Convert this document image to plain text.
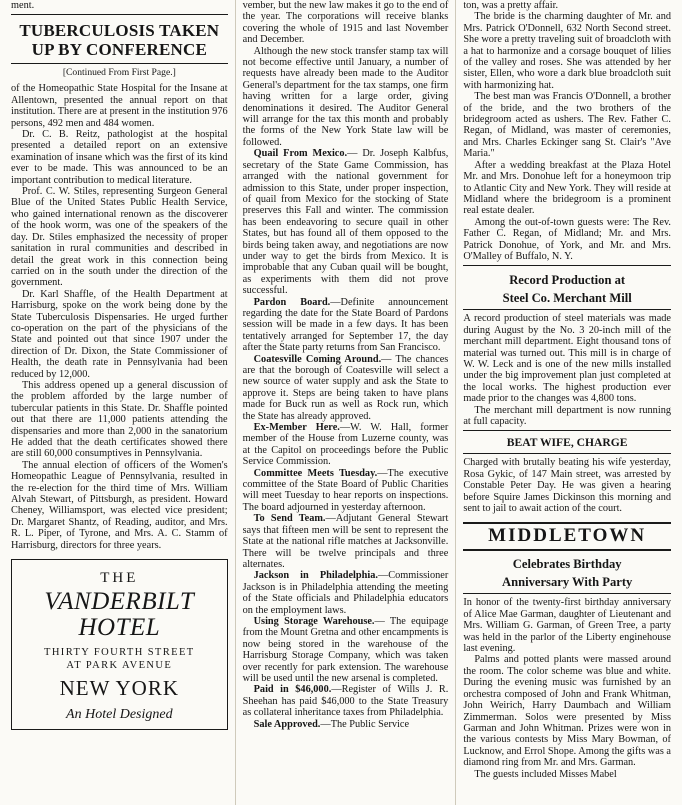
ment.
TUBERCULOSIS TAKEN UP BY CONFERENCE
[Continued From First Page.]

of the Homeopathic State Hospital for the Insane at Allentown, presented the annual report on that institution. There are at present in the institution 976 persons, 492 men and 484 women.

Dr. C. B. Reitz, pathologist at the hospital presented a detailed report on an extensive examination of insane which was the first of its kind ever to be made. This was announced to be an important contribution to medical literature.

Prof. C. W. Stiles, representing Surgeon General Blue of the United States Public Health Service, who gained international renown as the discoverer of the hook worm, was one of the speakers of the day. Dr. Stiles emphasized the necessity of proper sanitation in rural communities and described in detail the great work in this connection being carried on in the south under the direction of the government.

Dr. Karl Shaffle, of the Health Department at Harrisburg, spoke on the work being done by the State Tuberculosis Dispensaries. He urged further co-operation on the part of the physicians of the State and pointed out that since 1907 under the direction of Dr. Dixon, the State Commissioner of Health, the death rate in Pennsylvania had been reduced by 12,000.

This address opened up a general discussion of the problem afforded by the large number of tubercular patients in this State. Dr. Shaffle pointed out that there are 11,000 patients attending the dispensaries and more than 2,000 in the sanatorium He added that the death certificates showed there are still 60,000 consumptives in Pennsylvania.

The annual election of officers of the Women's Homeopathic League of Pennsylvania, resulted in the re-election for the third time of Mrs. William Alvah Stewart, of Pittsburgh, as president. Howard Cheney, Williamsport, was elected vice president; Dr. Margaret Shantz, of Reading, auditor, and Mrs. R. L. Piper, of Tyrone, and Mrs. A. C. Stamm of Harrisburg, directors for three years.

THE
VANDERBILT
HOTEL
THIRTY FOURTH STREET
AT PARK AVENUE
NEW YORK
An Hotel Designed

vember, but the new law makes it go to the end of the year. The corporations will receive blanks covering the whole of 1915 and last November and December.

Although the new stock transfer stamp tax will not become effective until January, a number of requests have already been made to the Auditor General's department for the tax stamps, one firm having written for a large order, giving denominations it desired. The Auditor General will arrange for the tax this month and probably the forms of the New York State law will be followed.

Quail From Mexico.— Dr. Joseph Kalbfus, secretary of the State Game Commission, has arranged with the national government for admission to this State, under proper inspection, of quail from Mexico for the stocking of State preserves this Fall and winter. The commission has been endeavoring to secure quail in other States, but has found all of them opposed to the birds being taken away, and negotiations are now under way to get the birds from Mexico. It is improbable that any Cuban quail will be bought, as experiments with them did not prove successful.

Pardon Board.—Definite announcement regarding the date for the State Board of Pardons session will be made in a few days. It has been tentatively arranged for September 17, the day after the State party returns from San Francisco.

Coatesville Coming Around.— The chances are that the borough of Coatesville will select a new source of water supply and ask the State to approve it. Steps are being taken to have plans made for Buck run as well as Rock run, which the State has already approved.

Ex-Member Here.—W. W. Hall, former member of the House from Luzerne county, was at the Capitol on proceedings before the Public Service Commission.

Committee Meets Tuesday.—The executive committee of the State Board of Public Charities will meet Tuesday to hear reports on inspections. The board adjourned in yesterday afternoon.

To Send Team.—Adjutant General Stewart says that fifteen men will be sent to represent the State at the national rifle matches at Jacksonville. There will be twelve principals and three alternates.

Jackson in Philadelphia.—Commissioner Jackson is in Philadelphia attending the meeting of the State officials and Philadelphia educators on the employment laws.

Using Storage Warehouse.— The equipage from the Mount Gretna and other encampments is now being stored in the warehouse of the Harrisburg Storage Company, which was taken over recently for park extension. The warehouse will be used until the new arsenal is completed.

Paid in $46,000.—Register of Wills J. R. Sheehan has paid $46,000 to the State Treasury as collateral inheritance taxes from Philadelphia.

Sale Approved.—The Public Service

ton, was a pretty affair.

The bride is the charming daughter of Mr. and Mrs. Patrick O'Donnell, 632 North Second street. She wore a pretty traveling suit of broadcloth with a hat to harmonize and a corsage bouquet of lilies of the valley and roses. She was attended by her sister, Ellen, who wore a dark blue broadcloth suit with harmonizing hat.

The best man was Francis O'Donnell, a brother of the bride, and the two brothers of the bridegroom acted as ushers. The Rev. Father C. Regan, of Midland, was master of ceremonies, and Mrs. Charles Eckinger sang St. Clair's "Ave Maria."

After a wedding breakfast at the Plaza Hotel Mr. and Mrs. Donohue left for a honeymoon trip to Atlantic City and New York. They will reside at Midland where the bridegroom is a prominent real estate dealer.

Among the out-of-town guests were: The Rev. Father C. Regan, of Midland; Mr. and Mrs. Patrick Donohue, of York, and Mr. and Mrs. O'Malley of Buffalo, N. Y.

Record Production at
Steel Co. Merchant Mill

A record production of steel materials was made during August by the No. 3 20-inch mill of the merchant mill department. Eight thousand tons of material was turned out. This mill is in charge of W. W. Leck and is one of the new mills installed under the big improvement plan just completed at the local works. The highest production ever made prior to the changes was 4,800 tons.

The merchant mill department is now running at full capacity.

BEAT WIFE, CHARGE

Charged with brutally beating his wife yesterday, Rosa Gykic, of 147 Main street, was arrested by Constable Peter Day. He was given a hearing before Squire James Dickinson this morning and sent to jail to await action of the court.

MIDDLETOWN
Celebrates Birthday
Anniversary With Party

In honor of the twenty-first birthday anniversary of Alice Mae Garman, daughter of Lieutenant and Mrs. William G. Garman, of Green Tree, a party was held in the parlor of the Liberty enginehouse last evening.

Palms and potted plants were massed around the room. The color scheme was blue and white. During the evening music was furnished by an orchestra composed of John and Frank Whitman, John Weirich, Harry Daumbach and William Zimmerman. Solos were presented by Miss Garman and John Whitman. Prizes were won in the various contests by Miss Mary Bowman, of Lucknow, and Errol Shope. Among the gifts was a diamond ring from Mr. and Mrs. Garman.

The guests included Misses Mabel
